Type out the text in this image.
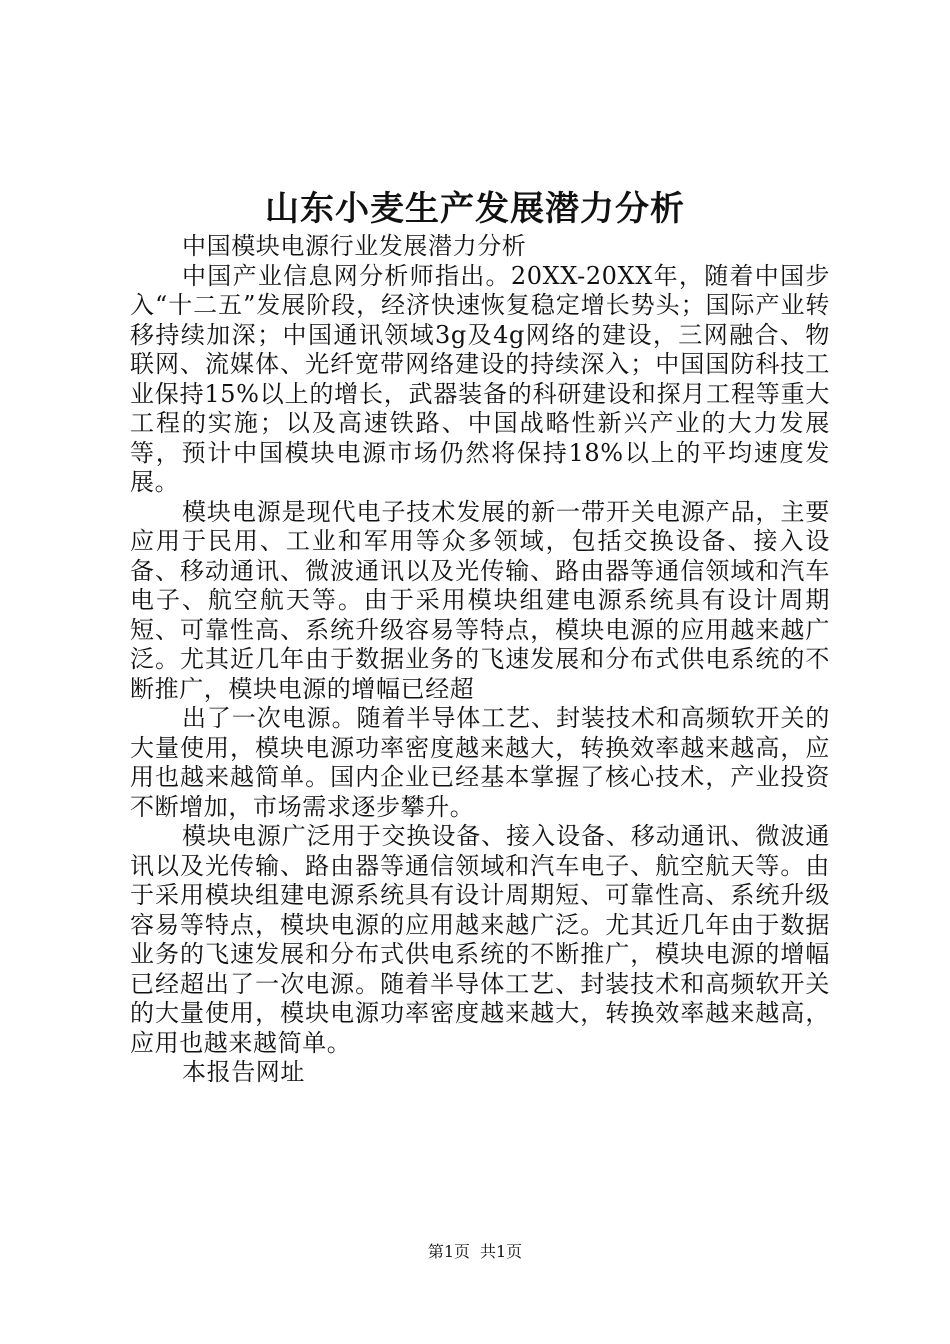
山东小麦生产发展潜力分析

中国模块电源行业发展潜力分析

中国产业信息网分析师指出。20XX-20XX年，随着中国步入“十二五”发展阶段，经济快速恢复稳定增长势头；国际产业转移持续加深；中国通讯领域3g及4g网络的建设，三网融合、物联网、流媒体、光纤宽带网络建设的持续深入；中国国防科技工业保持15%以上的增长，武器装备的科研建设和探月工程等重大工程的实施；以及高速铁路、中国战略性新兴产业的大力发展等，预计中国模块电源市场仍然将保持18%以上的平均速度发展。

模块电源是现代电子技术发展的新一带开关电源产品，主要应用于民用、工业和军用等众多领域，包括交换设备、接入设备、移动通讯、微波通讯以及光传输、路由器等通信领域和汽车电子、航空航天等。由于采用模块组建电源系统具有设计周期短、可靠性高、系统升级容易等特点，模块电源的应用越来越广泛。尤其近几年由于数据业务的飞速发展和分布式供电系统的不断推广，模块电源的增幅已经超

出了一次电源。随着半导体工艺、封装技术和高频软开关的大量使用，模块电源功率密度越来越大，转换效率越来越高，应用也越来越简单。国内企业已经基本掌握了核心技术，产业投资不断增加，市场需求逐步攀升。

模块电源广泛用于交换设备、接入设备、移动通讯、微波通讯以及光传输、路由器等通信领域和汽车电子、航空航天等。由于采用模块组建电源系统具有设计周期短、可靠性高、系统升级容易等特点，模块电源的应用越来越广泛。尤其近几年由于数据业务的飞速发展和分布式供电系统的不断推广，模块电源的增幅已经超出了一次电源。随着半导体工艺、封装技术和高频软开关的大量使用，模块电源功率密度越来越大，转换效率越来越高，应用也越来越简单。

本报告网址

第1页 共1页
